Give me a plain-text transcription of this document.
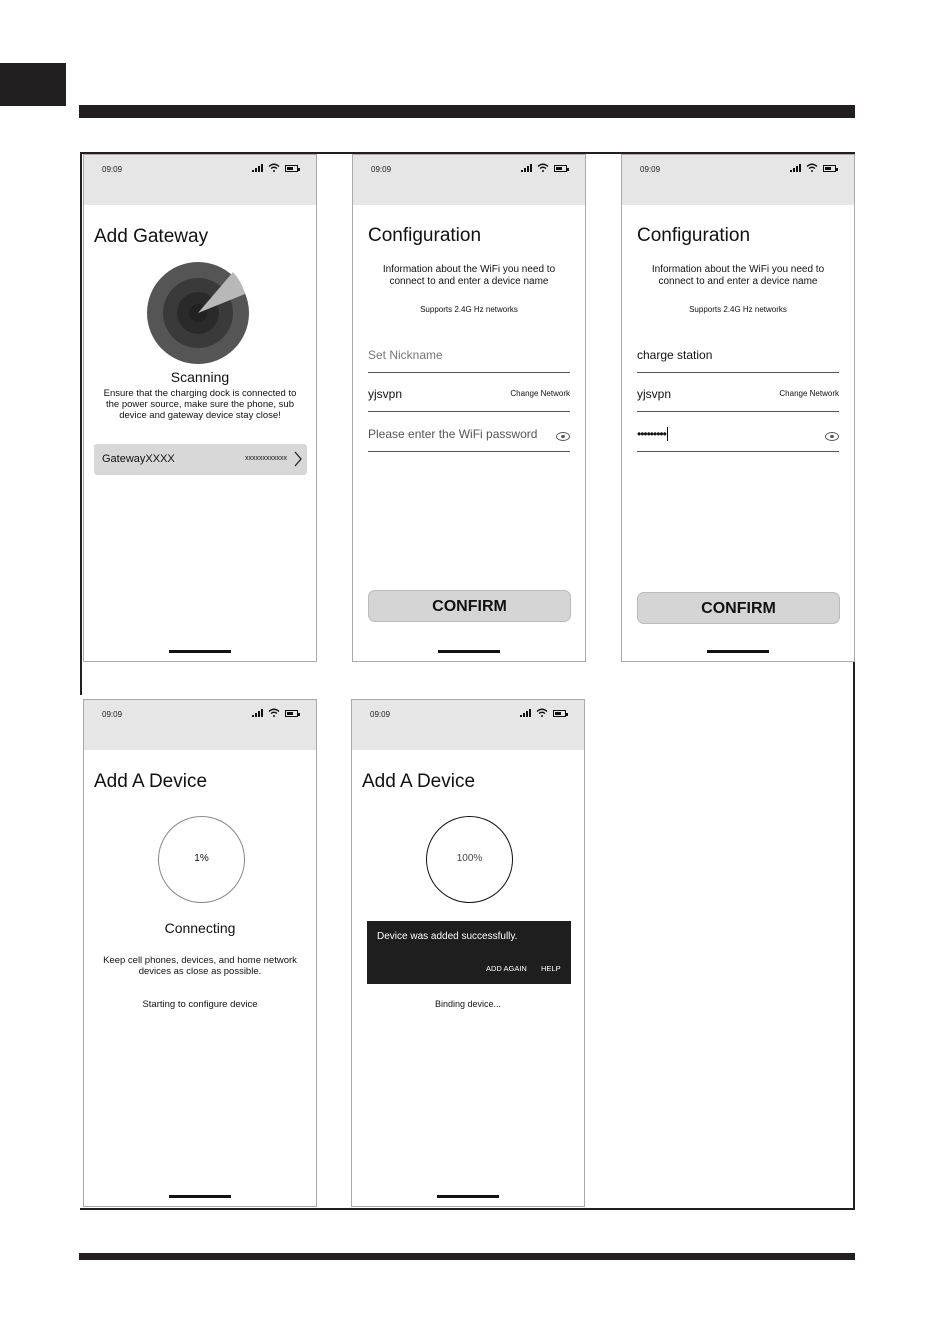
09:09
Add Gateway
Scanning
Ensure that the charging dock is connected to the power source, make sure the phone, sub device and gateway device stay close!
GatewayXXXX	xxxxxxxxxxxx
09:09
Configuration
Information about the WiFi you need to connect to and enter a device name
Supports 2.4G Hz networks
Set Nickname
yjsvpn	Change Network
Please enter the WiFi password
CONFIRM
09:09
Configuration
Information about the WiFi you need to connect to and enter a device name
Supports 2.4G Hz networks
charge station
yjsvpn	Change Network
•••••••••
CONFIRM
09:09
Add A Device
1%
Connecting
Keep cell phones, devices, and home network devices as close as possible.
Starting to configure device
09:09
Add A Device
100%
Device was added successfully.
ADD AGAIN HELP
Binding device...
